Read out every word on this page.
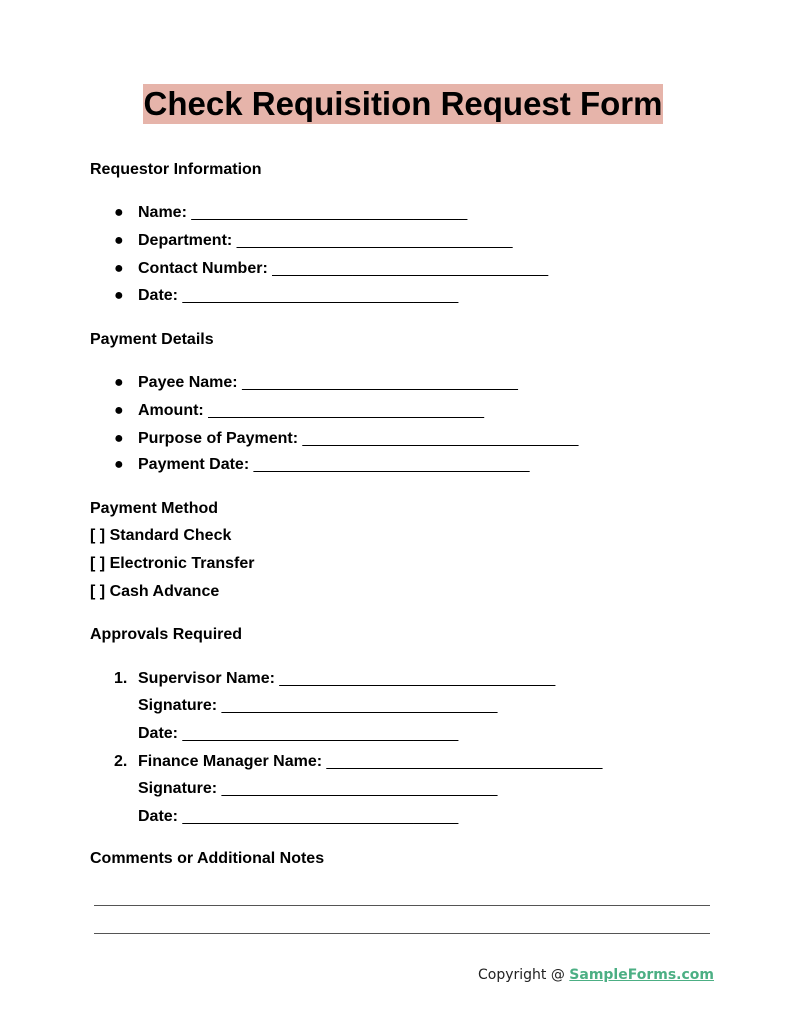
Check Requisition Request Form
Requestor Information
● Name: _______________________________
● Department: _______________________________
● Contact Number: _______________________________
● Date: _______________________________
Payment Details
● Payee Name: _______________________________
● Amount: _______________________________
● Purpose of Payment: _______________________________
● Payment Date: _______________________________
Payment Method
[ ] Standard Check
[ ] Electronic Transfer
[ ] Cash Advance
Approvals Required
1. Supervisor Name: _______________________________
Signature: _______________________________
Date: _______________________________
2. Finance Manager Name: _______________________________
Signature: _______________________________
Date: _______________________________
Comments or Additional Notes
Copyright @ SampleForms.com
